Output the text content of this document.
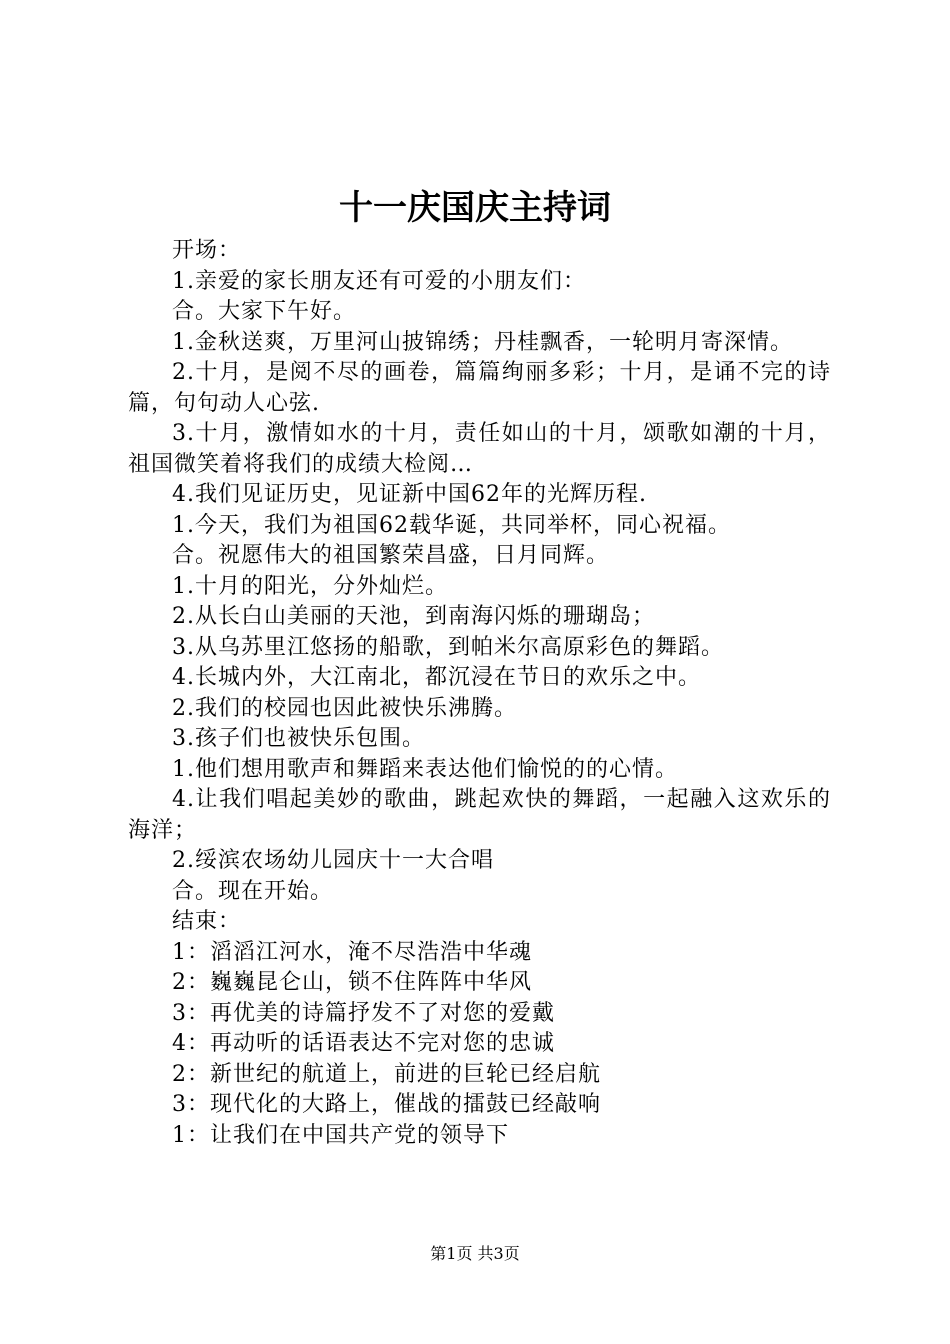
十一庆国庆主持词

开场：

1.亲爱的家长朋友还有可爱的小朋友们：

合。大家下午好。

1.金秋送爽，万里河山披锦绣；丹桂飘香，一轮明月寄深情。

2.十月，是阅不尽的画卷，篇篇绚丽多彩；十月，是诵不完的诗篇，句句动人心弦.

3.十月，激情如水的十月，责任如山的十月，颂歌如潮的十月，祖国微笑着将我们的成绩大检阅…

4.我们见证历史，见证新中国62年的光辉历程.

1.今天，我们为祖国62载华诞，共同举杯，同心祝福。

合。祝愿伟大的祖国繁荣昌盛，日月同辉。

1.十月的阳光，分外灿烂。

2.从长白山美丽的天池，到南海闪烁的珊瑚岛；

3.从乌苏里江悠扬的船歌，到帕米尔高原彩色的舞蹈。

4.长城内外，大江南北，都沉浸在节日的欢乐之中。

2.我们的校园也因此被快乐沸腾。

3.孩子们也被快乐包围。

1.他们想用歌声和舞蹈来表达他们愉悦的的心情。

4.让我们唱起美妙的歌曲，跳起欢快的舞蹈，一起融入这欢乐的海洋；

2.绥滨农场幼儿园庆十一大合唱

合。现在开始。

结束：

1：滔滔江河水，淹不尽浩浩中华魂

2：巍巍昆仑山，锁不住阵阵中华风

3：再优美的诗篇抒发不了对您的爱戴

4：再动听的话语表达不完对您的忠诚

2：新世纪的航道上，前进的巨轮已经启航

3：现代化的大路上，催战的擂鼓已经敲响

1：让我们在中国共产党的领导下

第1页 共3页
